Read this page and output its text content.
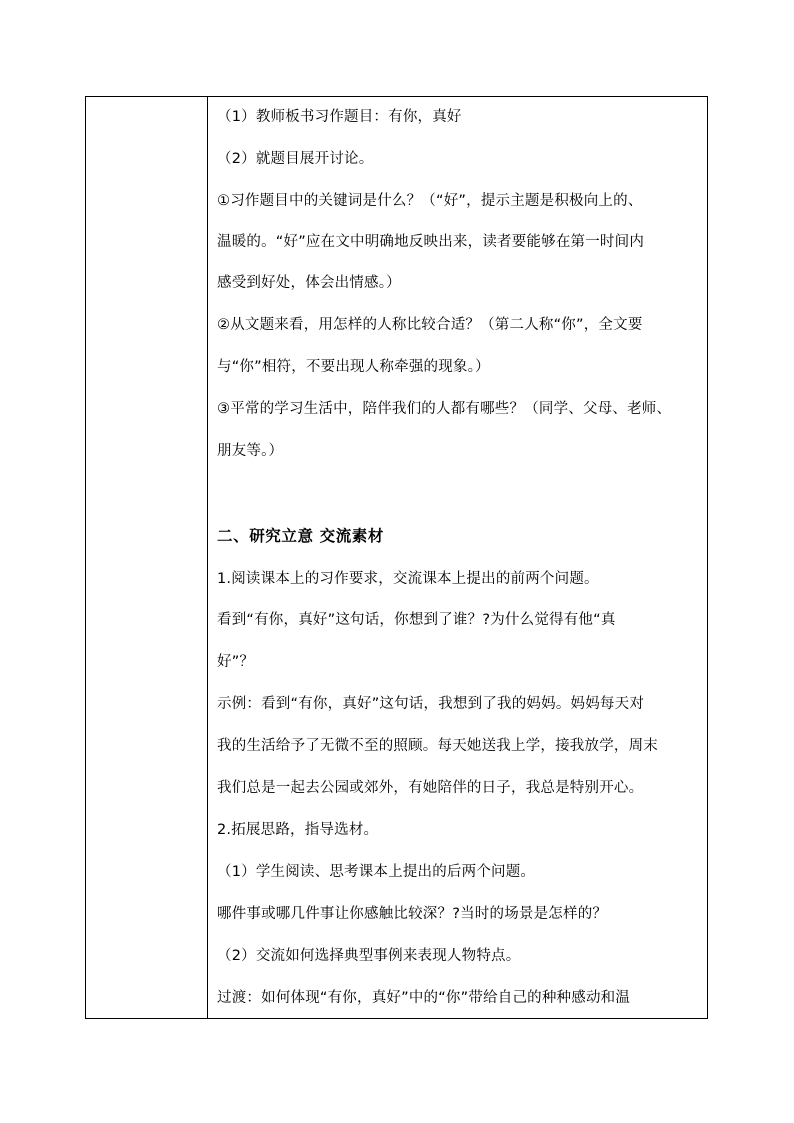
（1）教师板书习作题目：有你，真好
（2）就题目展开讨论。
①习作题目中的关键词是什么？（“好”，提示主题是积极向上的、
温暖的。“好”应在文中明确地反映出来，读者要能够在第一时间内
感受到好处，体会出情感。）
②从文题来看，用怎样的人称比较合适？（第二人称“你”，全文要
与“你”相符，不要出现人称牵强的现象。）
③平常的学习生活中，陪伴我们的人都有哪些？（同学、父母、老师、
朋友等。）
二、研究立意 交流素材
1.阅读课本上的习作要求，交流课本上提出的前两个问题。
看到“有你，真好”这句话，你想到了谁？?为什么觉得有他“真
好”？
示例：看到“有你，真好”这句话，我想到了我的妈妈。妈妈每天对
我的生活给予了无微不至的照顾。每天她送我上学，接我放学，周末
我们总是一起去公园或郊外，有她陪伴的日子，我总是特别开心。
2.拓展思路，指导选材。
（1）学生阅读、思考课本上提出的后两个问题。
哪件事或哪几件事让你感触比较深？?当时的场景是怎样的？
（2）交流如何选择典型事例来表现人物特点。
过渡：如何体现“有你，真好”中的“你”带给自己的种种感动和温
